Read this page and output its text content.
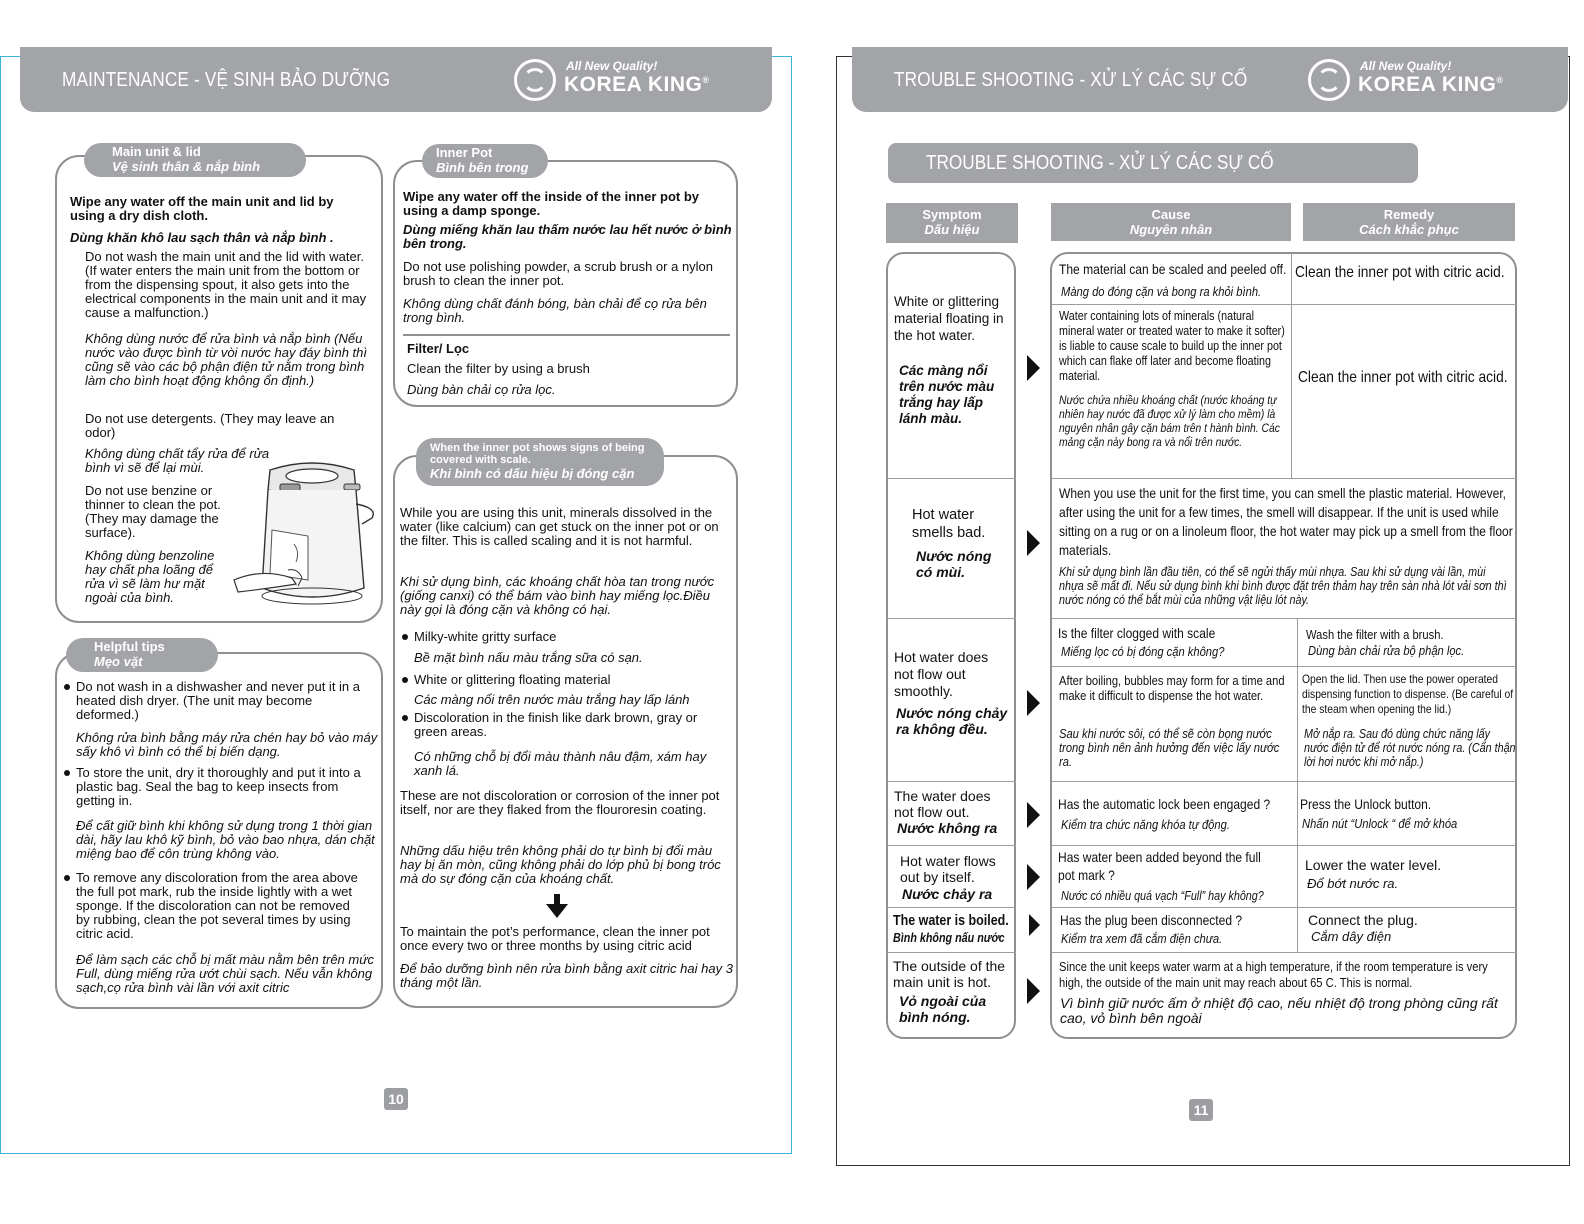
MAINTENANCE - VỆ SINH BẢO DƯỠNG
All New Quality!
KOREA KING®
Main unit & lid
Vệ sinh thân & nắp bình
Wipe any water off the main unit and lid by using a dry dish cloth.
Dùng khăn khô lau sạch thân và nắp bình .
Do not wash the main unit and the lid with water. (If water enters the main unit from the bottom or from the dispensing spout, it also gets into the electrical components in the main unit and it may cause a malfunction.)
Không dùng nước để rửa bình và nắp bình (Nếu nước vào được bình từ vòi nước hay đáy bình thì cũng sẽ vào các bộ phận điện tử nằm trong bình làm cho bình hoạt động không ổn định.)
Do not use detergents. (They may leave an odor)
Không dùng chất tẩy rửa để rửa bình vì sẽ để lại mùi.
Do not use benzine or thinner to clean the pot. (They may damage the surface).
Không dùng benzoline hay chất pha loãng để rửa vì sẽ làm hư mặt ngoài của bình.
Inner Pot
Bình bên trong
Wipe any water off the inside of the inner pot by using a damp sponge.
Dùng miếng khăn lau thấm nước lau hết nước ở bình bên trong.
Do not use polishing powder, a scrub brush or a nylon brush to clean the inner pot.
Không dùng chất đánh bóng, bàn chải để cọ rửa bên trong bình.
Filter/ Lọc
Clean the filter by using a brush
Dùng bàn chải cọ rửa lọc.
When the inner pot shows signs of being covered with scale.
Khi bình có dấu hiệu bị đóng cặn
While you are using this unit, minerals dissolved in the water (like calcium) can get stuck on the inner pot or on the filter. This is called scaling and it is not harmful.
Khi sử dụng bình, các khoáng chất hòa tan trong nước (giống canxi) có thể bám vào bình hay miếng lọc.Điều này gọi là đóng cặn và không có hại.
Milky-white gritty surface
Bề mặt bình nấu màu trắng sữa có sạn.
White or glittering floating material
Các màng nổi trên nước màu trắng hay lấp lánh
Discoloration in the finish like dark brown, gray or green areas.
Có những chỗ bị đổi màu thành nâu đậm, xám hay xanh lá.
These are not discoloration or corrosion of the inner pot itself, nor are they flaked from the flouroresin coating.
Những dấu hiệu trên không phải do tự bình bị đổi màu hay bị ăn mòn, cũng không phải do lớp phủ bị bong tróc mà do sự đóng cặn của khoáng chất.
To maintain the pot’s performance, clean the inner pot once every two or three months by using citric acid
Để bảo dưỡng bình nên rửa bình bằng axit citric hai hay 3 tháng một lần.
Helpful tips
Mẹo vặt
Do not wash in a dishwasher and never put it in a heated dish dryer. (The unit may become deformed.)
Không rửa bình bằng máy rửa chén hay bỏ vào máy sấy khô vì bình có thể bị biến dạng.
To store the unit, dry it thoroughly and put it into a plastic bag. Seal the bag to keep insects from getting in.
Để cất giữ bình khi không sử dụng trong 1 thời gian dài, hãy lau khô kỹ bình, bỏ vào bao nhựa, dán chặt miệng bao để côn trùng không vào.
To remove any discoloration from the area above the full pot mark, rub the inside lightly with a wet sponge. If the discoloration can not be removed by rubbing, clean the pot several times by using citric acid.
Để làm sạch các chỗ bị mất màu nằm bên trên mức Full, dùng miếng rửa ướt chùi sạch. Nếu vẫn không sạch,cọ rửa bình vài lần với axit citric
10
TROUBLE SHOOTING - XỬ LÝ CÁC SỰ CỐ
All New Quality!
KOREA KING®
TROUBLE SHOOTING - XỬ LÝ CÁC SỰ CỐ
Symptom
Dấu hiệu
Cause
Nguyên nhân
Remedy
Cách khắc phục
White or glittering material floating in the hot water.
Các màng nổi trên nước màu trắng hay lấp lánh màu.
The material can be scaled and peeled off.
Màng do đóng cặn và bong ra khỏi bình.
Clean the inner pot with citric acid.
Water containing lots of minerals (natural mineral water or treated water to make it softer) is liable to cause scale to build up the inner pot which can flake off later and become floating material.
Nước chứa nhiều khoáng chất (nước khoáng tự nhiên hay nước đã được xử lý làm cho mềm) là nguyên nhân gây cặn bám trên t hành bình. Các mảng cặn này bong ra và nổi trên nước.
Clean the inner pot with citric acid.
Hot water smells bad.
Nước nóng có mùi.
When you use the unit for the first time, you can smell the plastic material. However, after using the unit for a few times, the smell will disappear. If the unit is used while sitting on a rug or on a linoleum floor, the hot water may pick up a smell from the floor materials.
Khi sử dụng bình lần đầu tiên, có thể sẽ ngửi thấy mùi nhựa. Sau khi sử dụng vài lần, mùi nhựa sẽ mất đi. Nếu sử dụng bình khi bình được đặt trên thảm hay trên sàn nhà lót vải sơn thì nước nóng có thể bắt mùi của những vật liệu lót này.
Hot water does not flow out smoothly.
Nước nóng chảy ra không đều.
Is the filter clogged with scale
Miếng lọc có bị đóng cặn không?
Wash the filter with a brush.
Dùng bàn chải rửa bộ phận lọc.
After boiling, bubbles may form for a time and make it difficult to dispense the hot water.
Sau khi nước sôi, có thể sẽ còn bọng nước trong bình nên ảnh hưởng đến việc lấy nước ra.
Open the lid. Then use the power operated dispensing function to dispense. (Be careful of the steam when opening the lid.)
Mở nắp ra. Sau đó dùng chức năng lấy nước điện tử để rót nước nóng ra. (Cẩn thận lời hơi nước khi mở nắp.)
The water does not flow out.
Nước không ra
Has the automatic lock been engaged ?
Kiểm tra chức năng khóa tự động.
Press the Unlock button.
Nhấn nút “Unlock “ để mở khóa
Hot water flows out by itself.
Nước chảy ra
Has water been added beyond the full pot mark ?
Nước có nhiều quá vạch “Full” hay không?
Lower the water level.
Đổ bớt nước ra.
The water is boiled.
Bình không nấu nước
Has the plug been disconnected ?
Kiểm tra xem đã cắm điện chưa.
Connect the plug.
Cắm dây điện
The outside of the main unit is hot.
Vỏ ngoài của bình nóng.
Since the unit keeps water warm at a high temperature, if the room temperature is very high, the outside of the main unit may reach about 65 C. This is normal.
Vì bình giữ nước ấm ở nhiệt độ cao, nếu nhiệt độ trong phòng cũng rất cao, vỏ bình bên ngoài
11
